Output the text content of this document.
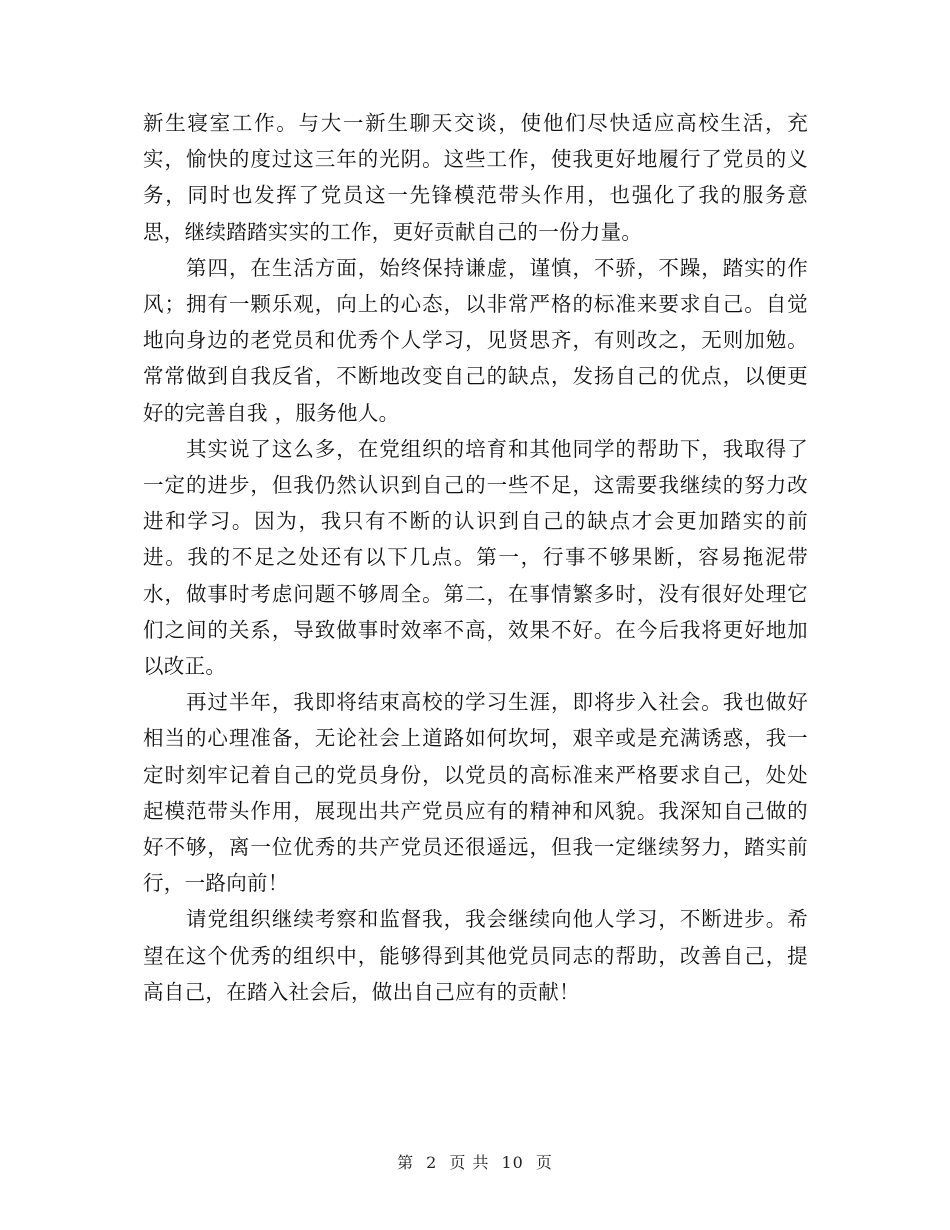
新生寝室工作。与大一新生聊天交谈，使他们尽快适应高校生活，充实，愉快的度过这三年的光阴。这些工作，使我更好地履行了党员的义务，同时也发挥了党员这一先锋模范带头作用，也强化了我的服务意思，继续踏踏实实的工作，更好贡献自己的一份力量。

第四，在生活方面，始终保持谦虚，谨慎，不骄，不躁，踏实的作风；拥有一颗乐观，向上的心态，以非常严格的标准来要求自己。自觉地向身边的老党员和优秀个人学习，见贤思齐，有则改之，无则加勉。常常做到自我反省，不断地改变自己的缺点，发扬自己的优点，以便更好的完善自我 ，服务他人。

其实说了这么多，在党组织的培育和其他同学的帮助下，我取得了一定的进步，但我仍然认识到自己的一些不足，这需要我继续的努力改进和学习。因为，我只有不断的认识到自己的缺点才会更加踏实的前进。我的不足之处还有以下几点。第一，行事不够果断，容易拖泥带水，做事时考虑问题不够周全。第二，在事情繁多时，没有很好处理它们之间的关系，导致做事时效率不高，效果不好。在今后我将更好地加以改正。

再过半年，我即将结束高校的学习生涯，即将步入社会。我也做好相当的心理准备，无论社会上道路如何坎坷，艰辛或是充满诱惑，我一定时刻牢记着自己的党员身份，以党员的高标准来严格要求自己，处处起模范带头作用，展现出共产党员应有的精神和风貌。我深知自己做的好不够，离一位优秀的共产党员还很遥远，但我一定继续努力，踏实前行，一路向前！

请党组织继续考察和监督我，我会继续向他人学习，不断进步。希望在这个优秀的组织中，能够得到其他党员同志的帮助，改善自己，提高自己，在踏入社会后，做出自己应有的贡献！

第 2 页 共 10 页
